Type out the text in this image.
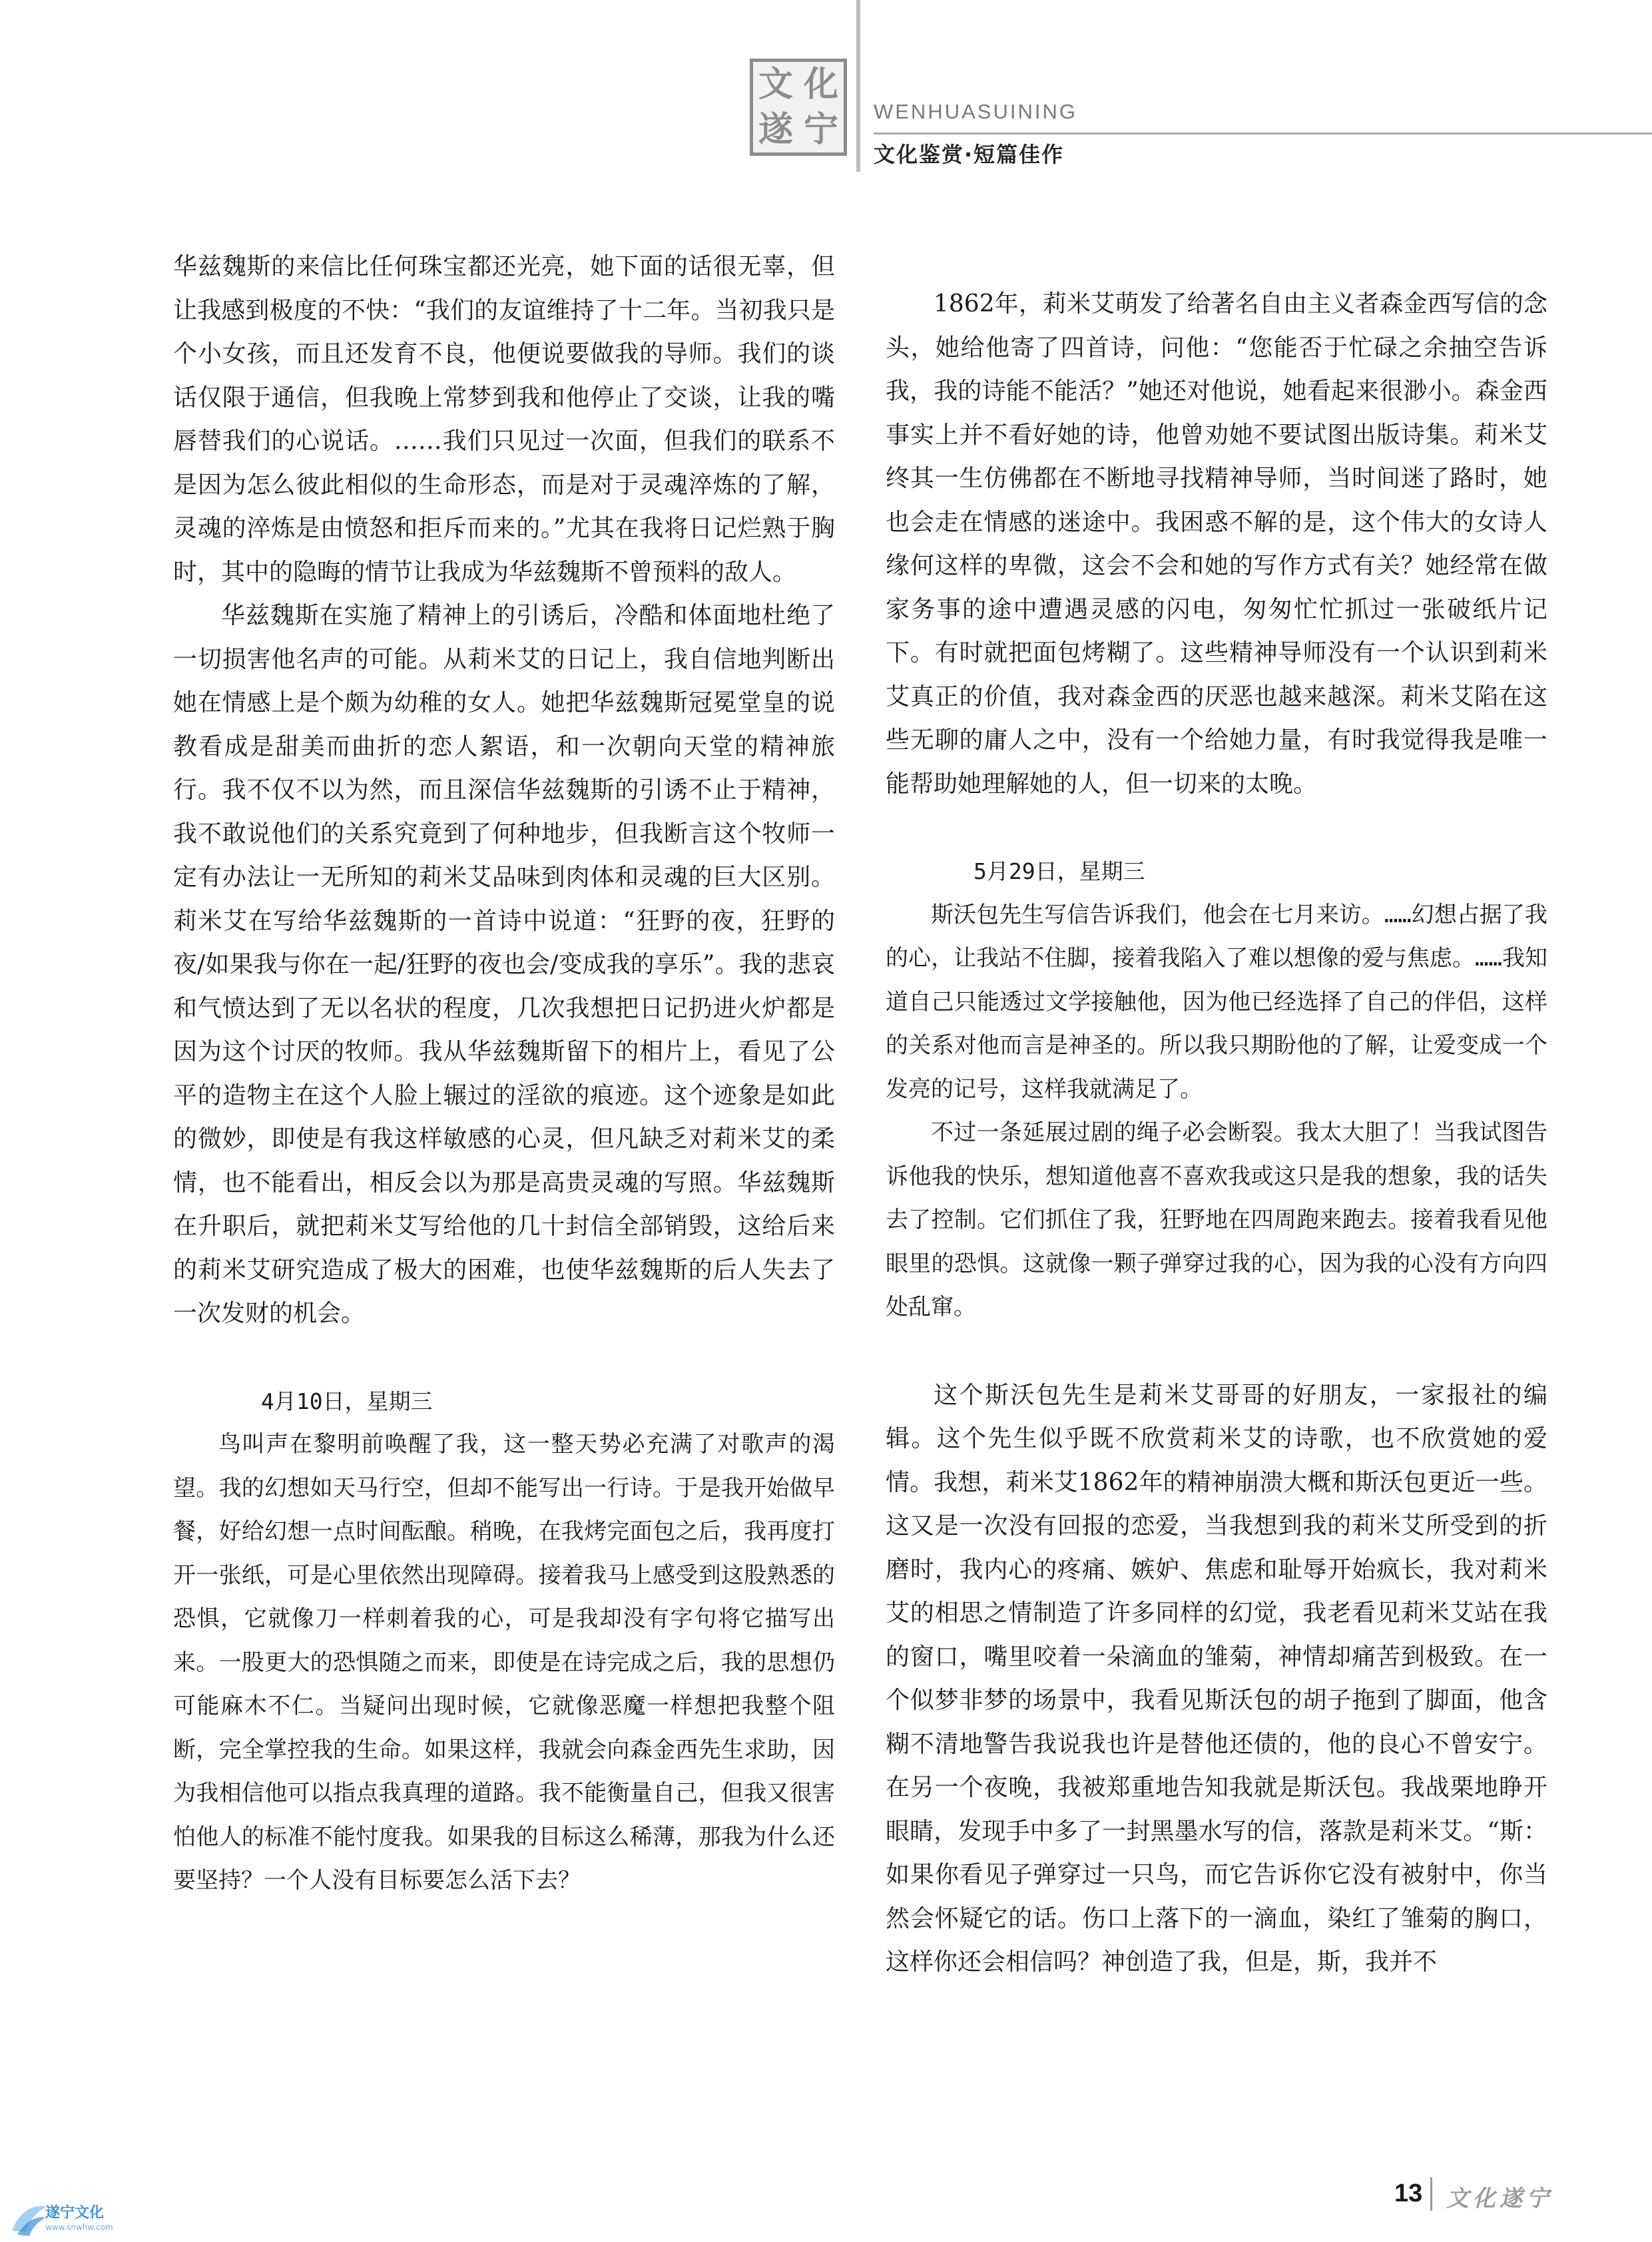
文 化
遂 宁 WENHUASUINING
文化鉴赏·短篇佳作

华兹魏斯的来信比任何珠宝都还光亮，她下面的话很无辜，但让我感到极度的不快：“我们的友谊维持了十二年。当初我只是个小女孩，而且还发育不良，他便说要做我的导师。我们的谈话仅限于通信，但我晚上常梦到我和他停止了交谈，让我的嘴唇替我们的心说话。……我们只见过一次面，但我们的联系不是因为怎么彼此相似的生命形态，而是对于灵魂淬炼的了解，灵魂的淬炼是由愤怒和拒斥而来的。”尤其在我将日记烂熟于胸时，其中的隐晦的情节让我成为华兹魏斯不曾预料的敌人。

华兹魏斯在实施了精神上的引诱后，冷酷和体面地杜绝了一切损害他名声的可能。从莉米艾的日记上，我自信地判断出她在情感上是个颇为幼稚的女人。她把华兹魏斯冠冕堂皇的说教看成是甜美而曲折的恋人絮语，和一次朝向天堂的精神旅行。我不仅不以为然，而且深信华兹魏斯的引诱不止于精神，我不敢说他们的关系究竟到了何种地步，但我断言这个牧师一定有办法让一无所知的莉米艾品味到肉体和灵魂的巨大区别。莉米艾在写给华兹魏斯的一首诗中说道：“狂野的夜，狂野的夜/如果我与你在一起/狂野的夜也会/变成我的享乐”。我的悲哀和气愤达到了无以名状的程度，几次我想把日记扔进火炉都是因为这个讨厌的牧师。我从华兹魏斯留下的相片上，看见了公平的造物主在这个人脸上辗过的淫欲的痕迹。这个迹象是如此的微妙，即使是有我这样敏感的心灵，但凡缺乏对莉米艾的柔情，也不能看出，相反会以为那是高贵灵魂的写照。华兹魏斯在升职后，就把莉米艾写给他的几十封信全部销毁，这给后来的莉米艾研究造成了极大的困难，也使华兹魏斯的后人失去了一次发财的机会。

4月10日，星期三

鸟叫声在黎明前唤醒了我，这一整天势必充满了对歌声的渴望。我的幻想如天马行空，但却不能写出一行诗。于是我开始做早餐，好给幻想一点时间酝酿。稍晚，在我烤完面包之后，我再度打开一张纸，可是心里依然出现障碍。接着我马上感受到这股熟悉的恐惧，它就像刀一样刺着我的心，可是我却没有字句将它描写出来。一股更大的恐惧随之而来，即使是在诗完成之后，我的思想仍可能麻木不仁。当疑问出现时候，它就像恶魔一样想把我整个阻断，完全掌控我的生命。如果这样，我就会向森金西先生求助，因为我相信他可以指点我真理的道路。我不能衡量自己，但我又很害怕他人的标准不能忖度我。如果我的目标这么稀薄，那我为什么还要坚持？一个人没有目标要怎么活下去？

1862年，莉米艾萌发了给著名自由主义者森金西写信的念头，她给他寄了四首诗，问他：“您能否于忙碌之余抽空告诉我，我的诗能不能活？”她还对他说，她看起来很渺小。森金西事实上并不看好她的诗，他曾劝她不要试图出版诗集。莉米艾终其一生仿佛都在不断地寻找精神导师，当时间迷了路时，她也会走在情感的迷途中。我困惑不解的是，这个伟大的女诗人缘何这样的卑微，这会不会和她的写作方式有关？她经常在做家务事的途中遭遇灵感的闪电，匆匆忙忙抓过一张破纸片记下。有时就把面包烤糊了。这些精神导师没有一个认识到莉米艾真正的价值，我对森金西的厌恶也越来越深。莉米艾陷在这些无聊的庸人之中，没有一个给她力量，有时我觉得我是唯一能帮助她理解她的人，但一切来的太晚。

5月29日，星期三

斯沃包先生写信告诉我们，他会在七月来访。……幻想占据了我的心，让我站不住脚，接着我陷入了难以想像的爱与焦虑。……我知道自己只能透过文学接触他，因为他已经选择了自己的伴侣，这样的关系对他而言是神圣的。所以我只期盼他的了解，让爱变成一个发亮的记号，这样我就满足了。

不过一条延展过剧的绳子必会断裂。我太大胆了！当我试图告诉他我的快乐，想知道他喜不喜欢我或这只是我的想象，我的话失去了控制。它们抓住了我，狂野地在四周跑来跑去。接着我看见他眼里的恐惧。这就像一颗子弹穿过我的心，因为我的心没有方向四处乱窜。

这个斯沃包先生是莉米艾哥哥的好朋友，一家报社的编辑。这个先生似乎既不欣赏莉米艾的诗歌，也不欣赏她的爱情。我想，莉米艾1862年的精神崩溃大概和斯沃包更近一些。这又是一次没有回报的恋爱，当我想到我的莉米艾所受到的折磨时，我内心的疼痛、嫉妒、焦虑和耻辱开始疯长，我对莉米艾的相思之情制造了许多同样的幻觉，我老看见莉米艾站在我的窗口，嘴里咬着一朵滴血的雏菊，神情却痛苦到极致。在一个似梦非梦的场景中，我看见斯沃包的胡子拖到了脚面，他含糊不清地警告我说我也许是替他还债的，他的良心不曾安宁。在另一个夜晚，我被郑重地告知我就是斯沃包。我战栗地睁开眼睛，发现手中多了一封黑墨水写的信，落款是莉米艾。“斯：如果你看见子弹穿过一只鸟，而它告诉你它没有被射中，你当然会怀疑它的话。伤口上落下的一滴血，染红了雏菊的胸口，这样你还会相信吗？神创造了我，但是，斯，我并不

13 文化遂宁
遂宁文化
www.snwhw.com
